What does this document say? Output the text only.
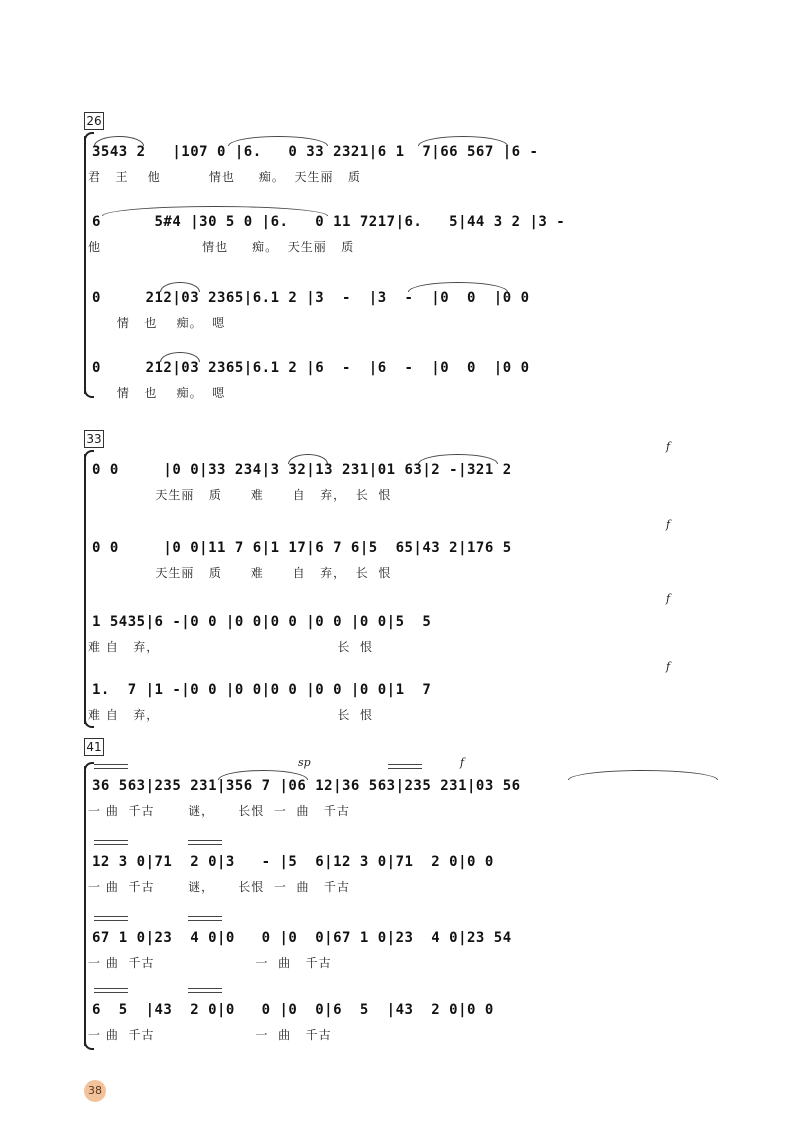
26
3543 2   |107 0 |6.   0 33 2321|6 1  7|66 567 |6 -
君   王    他          情也     痴。  天生丽   质
6      5#4 |30 5 0 |6.   0 11 7217|6.   5|44 3 2 |3 -
他                     情也     痴。  天生丽   质
0     212|03 2365|6.1 2 |3  -  |3  -  |0  0  |0 0
情   也    痴。  嗯
0     212|03 2365|6.1 2 |6  -  |6  -  |0  0  |0 0
情   也    痴。  嗯
33
f
0 0     |0 0|33 234|3 32|13 231|01 63|2 -|321 2
天生丽   质      难      自   弃，  长  恨
f
0 0     |0 0|11 7 6|1 17|6 7 6|5  65|43 2|176 5
天生丽   质      难      自   弃，  长  恨
f
1 5435|6 -|0 0 |0 0|0 0 |0 0 |0 0|5  5
难 自   弃，                                     长  恨
f
1.  7 |1 -|0 0 |0 0|0 0 |0 0 |0 0|1  7
难 自   弃，                                     长  恨
41
sp	f
36 563|235 231|356 7 |06 12|36 563|235 231|03 56
一 曲  千古       谜，     长恨  一  曲   千古
12 3 0|71  2 0|3   - |5  6|12 3 0|71  2 0|0 0
一 曲  千古       谜，     长恨  一  曲   千古
67 1 0|23  4 0|0   0 |0  0|67 1 0|23  4 0|23 54
一 曲  千古                     一  曲   千古
6  5  |43  2 0|0   0 |0  0|6  5  |43  2 0|0 0
一 曲  千古                     一  曲   千古
38
